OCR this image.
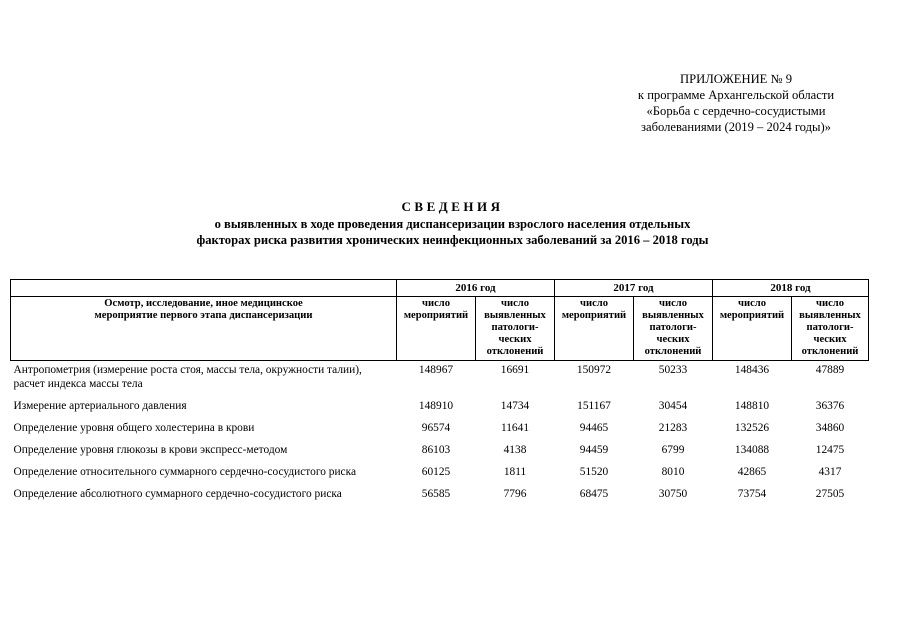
ПРИЛОЖЕНИЕ № 9
к программе Архангельской области
«Борьба с сердечно-сосудистыми
заболеваниями (2019 – 2024 годы)»
СВЕДЕНИЯ
о выявленных в ходе проведения диспансеризации взрослого населения отдельных
факторах риска развития хронических неинфекционных заболеваний за 2016 – 2018 годы
	2016 год		2017 год		2018 год	

Осмотр, исследование, иное медицинское мероприятие первого этапа диспансеризации	число мероприятий	число выявленных патологи-ческих отклонений	число мероприятий	число выявленных патологи-ческих отклонений	число мероприятий	число выявленных патологи-ческих отклонений

Антропометрия (измерение роста стоя, массы тела, окружности талии), расчет индекса массы тела	148967	16691	150972	50233	148436	47889

Измерение артериального давления	148910	14734	151167	30454	148810	36376

Определение уровня общего холестерина в крови	96574	11641	94465	21283	132526	34860

Определение уровня глюкозы в крови экспресс-методом	86103	4138	94459	6799	134088	12475

Определение относительного суммарного сердечно-сосудистого риска	60125	1811	51520	8010	42865	4317

Определение абсолютного суммарного сердечно-сосудистого риска	56585	7796	68475	30750	73754	27505
